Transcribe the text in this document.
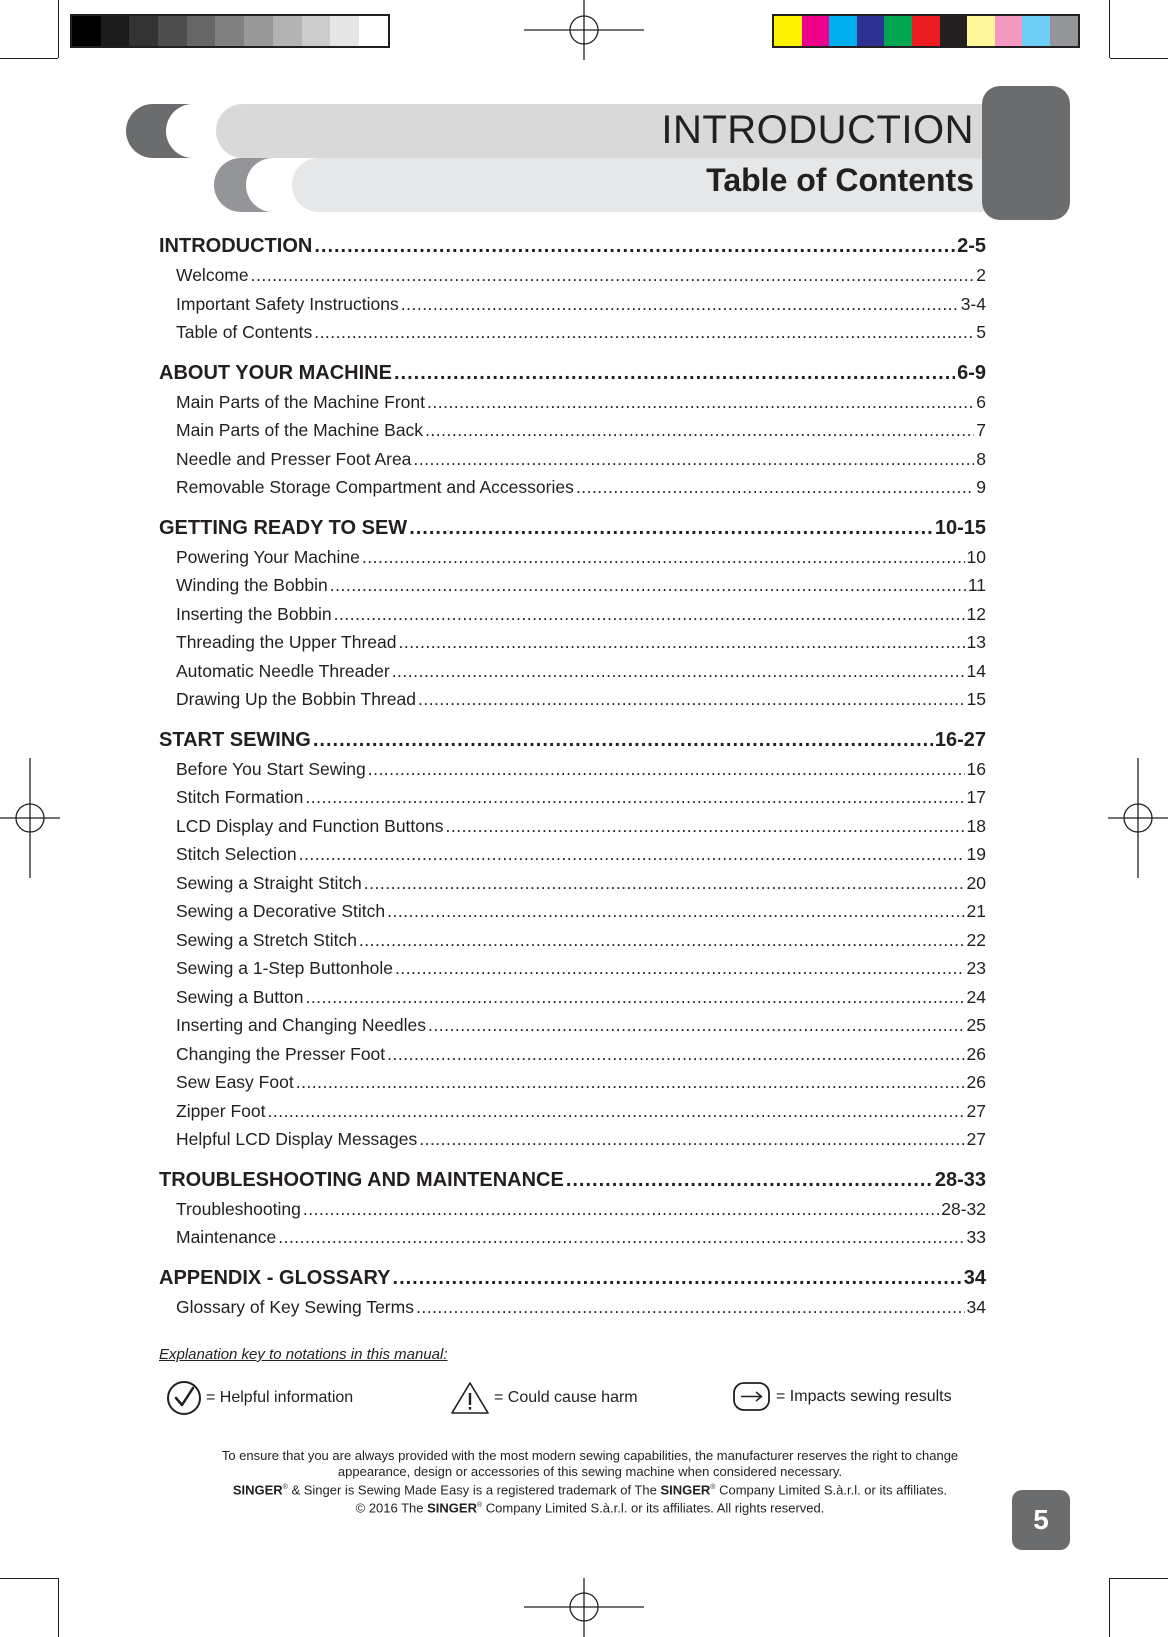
INTRODUCTION
Table of Contents
INTRODUCTION .....	2-5
Welcome .....	2
Important Safety Instructions .....	3-4
Table of Contents .....	5
ABOUT YOUR MACHINE .....	6-9
Main Parts of the Machine Front .....	6
Main Parts of the Machine Back .....	7
Needle and Presser Foot Area .....	8
Removable Storage Compartment and Accessories .....	9
GETTING READY TO SEW .....	10-15
Powering Your Machine .....	10
Winding the Bobbin .....	11
Inserting the Bobbin .....	12
Threading the Upper Thread .....	13
Automatic Needle Threader .....	14
Drawing Up the Bobbin Thread .....	15
START SEWING .....	16-27
Before You Start Sewing .....	16
Stitch Formation .....	17
LCD Display and Function Buttons .....	18
Stitch Selection .....	19
Sewing a Straight Stitch .....	20
Sewing a Decorative Stitch .....	21
Sewing a Stretch Stitch .....	22
Sewing a 1-Step Buttonhole .....	23
Sewing a Button .....	24
Inserting and Changing Needles .....	25
Changing the Presser Foot .....	26
Sew Easy Foot .....	26
Zipper Foot .....	27
Helpful LCD Display Messages .....	27
TROUBLESHOOTING AND MAINTENANCE .....	28-33
Troubleshooting .....	28-32
Maintenance .....	33
APPENDIX - GLOSSARY .....	34
Glossary of Key Sewing Terms .....	34
Explanation key to notations in this manual:
= Helpful information	= Could cause harm	= Impacts sewing results
To ensure that you are always provided with the most modern sewing capabilities, the manufacturer reserves the right to change
appearance, design or accessories of this sewing machine when considered necessary.
SINGER® & Singer is Sewing Made Easy is a registered trademark of The SINGER® Company Limited S.à.r.l. or its affiliates.
© 2016 The SINGER® Company Limited S.à.r.l. or its affiliates. All rights reserved.	5
